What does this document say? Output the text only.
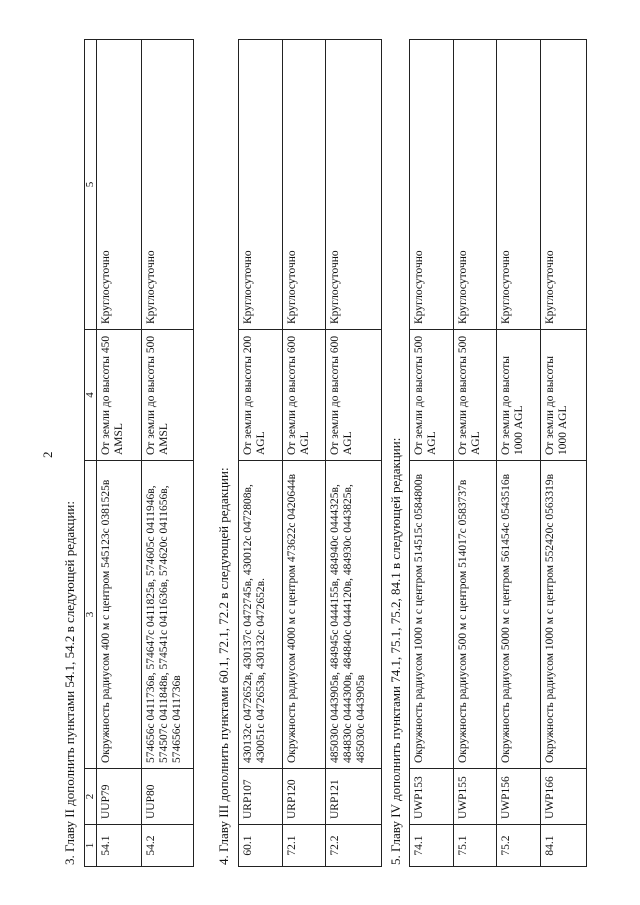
2
3. Главу II дополнить пунктами 54.1, 54.2 в следующей редакции: 1	2	3	4	5
54.1	UUP79	Окружность радиусом 400 м с центром 545123с 0381525в	От земли до высоты 450 AMSL	Круглосуточно
54.2	UUP80	574656с 0411736в, 574647с 0411825в, 574605с 0411946в, 574507с 0411848в, 574541с 0411636в, 574620с 0411656в, 574656с 0411736в	От земли до высоты 500 AMSL	Круглосуточно
4. Главу III дополнить пунктами 60.1, 72.1, 72.2 в следующей редакции: 60.1	URP107	430132с 0472652в, 430137с 0472745в, 430012с 0472808в, 430051с 0472653в, 430132с 0472652в.	От земли до высоты 200 AGL	Круглосуточно
72.1	URP120	Окружность радиусом 4000 м с центром 473622с 0420644в	От земли до высоты 600 AGL	Круглосуточно
72.2	URP121	485030с 0443905в, 484945с 0444155в, 484940с 0444325в, 484830с 0444300в, 484840с 0444120в, 484930с 0443825в, 485030с 0443905в	От земли до высоты 600 AGL	Круглосуточно
5. Главу IV дополнить пунктами 74.1, 75.1, 75.2, 84.1 в следующей редакции: 74.1	UWP153	Окружность радиусом 1000 м с центром 514515с 0584800в	От земли до высоты 500 AGL	Круглосуточно
75.1	UWP155	Окружность радиусом 500 м с центром 514017с 0583737в	От земли до высоты 500 AGL	Круглосуточно
75.2	UWP156	Окружность радиусом 5000 м с центром 561454с 0543516в	От земли до высоты 1000 AGL	Круглосуточно
84.1	UWP166	Окружность радиусом 1000 м с центром 552420с 0563319в	От земли до высоты 1000 AGL	Круглосуточно
